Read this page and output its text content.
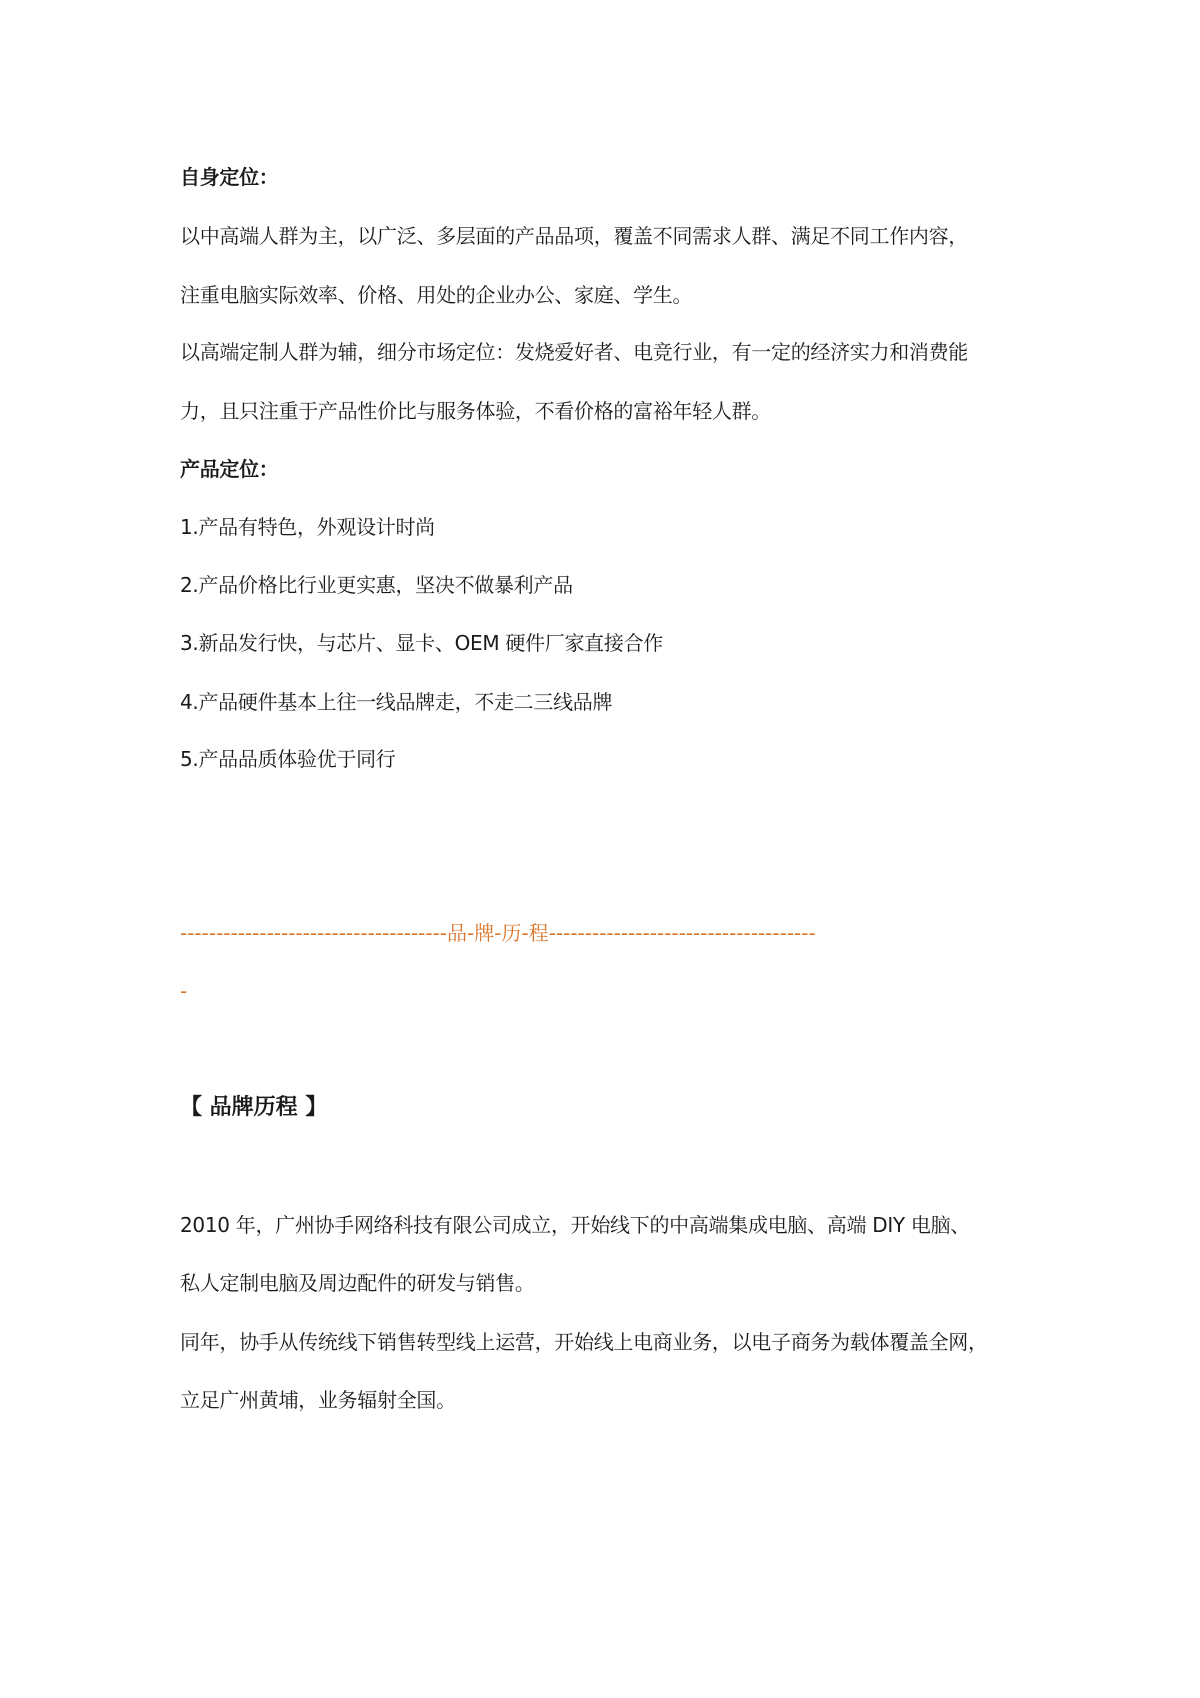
自身定位：
以中高端人群为主，以广泛、多层面的产品品项，覆盖不同需求人群、满足不同工作内容，
注重电脑实际效率、价格、用处的企业办公、家庭、学生。
以高端定制人群为辅，细分市场定位：发烧爱好者、电竞行业，有一定的经济实力和消费能
力，且只注重于产品性价比与服务体验，不看价格的富裕年轻人群。
产品定位：
1.产品有特色，外观设计时尚
2.产品价格比行业更实惠，坚决不做暴利产品
3.新品发行快，与芯片、显卡、OEM 硬件厂家直接合作
4.产品硬件基本上往一线品牌走，不走二三线品牌
5.产品品质体验优于同行
-------------------------------------品-牌-历-程-------------------------------------
-
【 品牌历程 】
2010 年，广州协手网络科技有限公司成立，开始线下的中高端集成电脑、高端 DIY 电脑、
私人定制电脑及周边配件的研发与销售。
同年，协手从传统线下销售转型线上运营，开始线上电商业务，以电子商务为载体覆盖全网，
立足广州黄埔，业务辐射全国。
